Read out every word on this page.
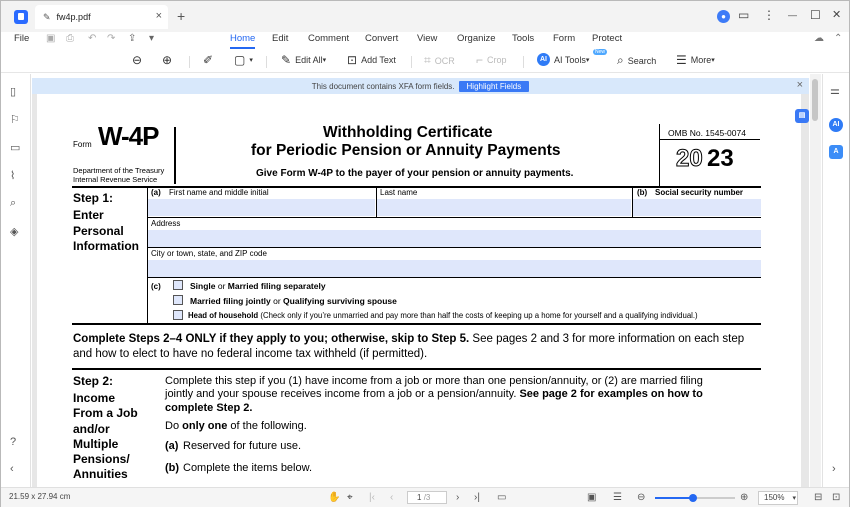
✎ fw4p.pdf	× +	●	▭ ⋮ — ☐ ✕
File ▣ ⎙ ↶ ↷ ⇪ ▾	Home Edit Comment Convert View Organize Tools Form Protect	☁ ⌃
⊖ ⊕	✐ ▢ ▾ ✎ Edit All ▾ ⊡ Add Text ⌗ OCR ⌐ Crop	AI AI Tools ▾
New
⌕ Search ☰ More ▾
▯
⚐
▭
⌇
⌕
◈
?
‹
This document contains XFA form fields.	Highlight Fields	×
Form W-4P
Department of the Treasury
Internal Revenue Service
Withholding Certificate
for Periodic Pension or Annuity Payments
Give Form W-4P to the payer of your pension or annuity payments.
OMB No. 1545-0074
20 23
Step 1:
Enter
Personal
Information
(a) First name and middle initial	Last name	(b) Social security number
Address
City or town, state, and ZIP code
(c)	Single or Married filing separately
Married filing jointly or Qualifying surviving spouse
Head of household (Check only if you’re unmarried and pay more than half the costs of keeping up a home for yourself and a qualifying individual.)
Complete Steps 2–4 ONLY if they apply to you; otherwise, skip to Step 5. See pages 2 and 3 for more information on each step
and how to elect to have no federal income tax withheld (if permitted).
Step 2:
Income
From a Job
and/or
Multiple
Pensions/
Annuities
Complete this step if you (1) have income from a job or more than one pension/annuity, or (2) are married filing
jointly and your spouse receives income from a job or a pension/annuity. See page 2 for examples on how to
complete Step 2.
Do only one of the following.
(a) Reserved for future use.
(b) Complete the items below.
▤
⚌
AI
A
›
21.59 x 27.94 cm	✋ ⌖ |‹ ‹	1 /3	› ›| ▭	▣ ☰ ⊖	⊕	150% ▾ ⊟ ⊡
